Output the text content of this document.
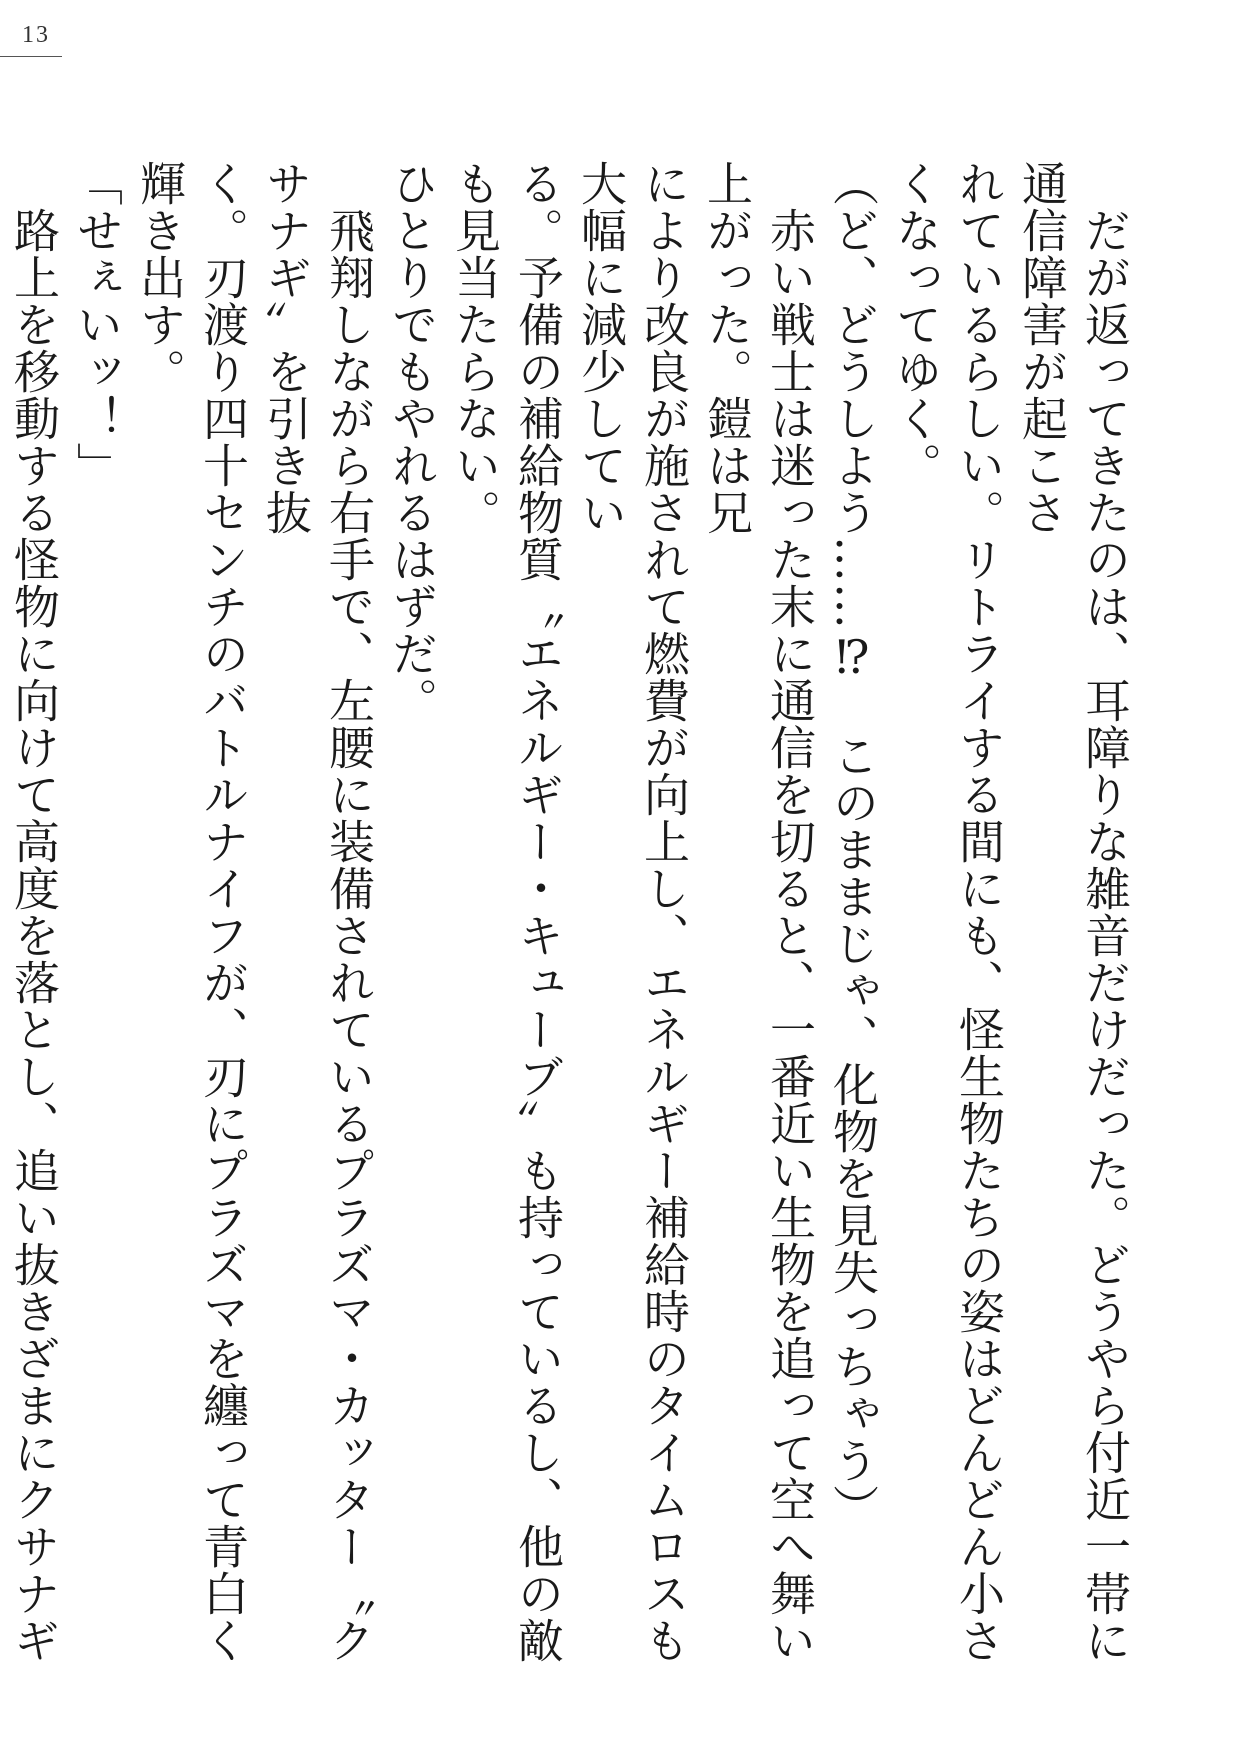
13

　だが返ってきたのは、耳障りな雑音だけだった。どうやら付近一帯に通信障害が起こさ

れているらしい。リトライする間にも、怪生物たちの姿はどんどん小さくなってゆく。

（ど、どうしよう……⁉　このままじゃ、化物を見失っちゃう）

　赤い戦士は迷った末に通信を切ると、一番近い生物を追って空へ舞い上がった。鎧は兄

により改良が施されて燃費が向上し、エネルギー補給時のタイムロスも大幅に減少してい

る。予備の補給物質〝エネルギー・キューブ〟も持っているし、他の敵も見当たらない。

ひとりでもやれるはずだ。

　飛翔しながら右手で、左腰に装備されているプラズマ・カッター〝クサナギ〟を引き抜

く。刃渡り四十センチのバトルナイフが、刃にプラズマを纏って青白く輝き出す。

「せぇいッ！」

　路上を移動する怪物に向けて高度を落とし、追い抜きざまにクサナギ
